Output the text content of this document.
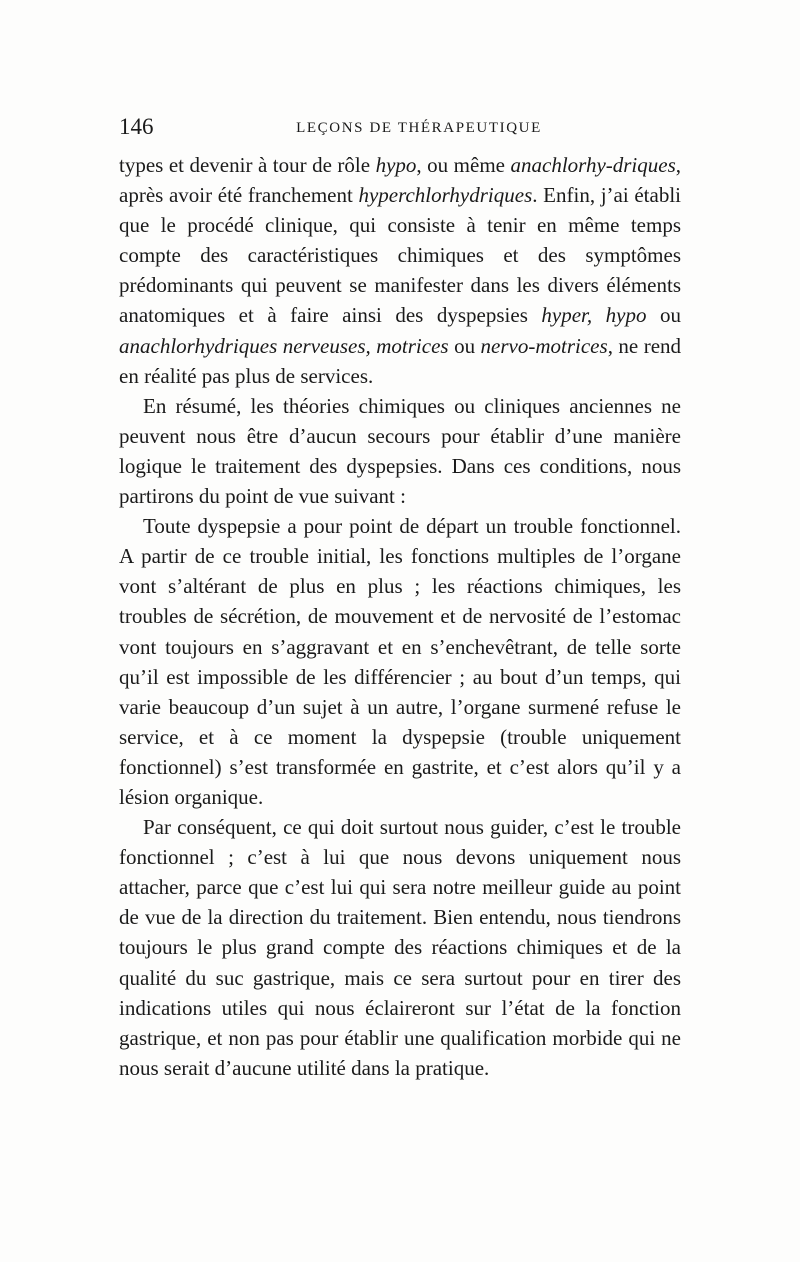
146	LEÇONS DE THÉRAPEUTIQUE

types et devenir à tour de rôle hypo, ou même anachlorhy-driques, après avoir été franchement hyperchlorhydriques. Enfin, j’ai établi que le procédé clinique, qui consiste à tenir en même temps compte des caractéristiques chimiques et des symptômes prédominants qui peuvent se manifester dans les divers éléments anatomiques et à faire ainsi des dyspepsies hyper, hypo ou anachlorhydriques nerveuses, motrices ou nervo-motrices, ne rend en réalité pas plus de services.

En résumé, les théories chimiques ou cliniques anciennes ne peuvent nous être d’aucun secours pour établir d’une manière logique le traitement des dyspepsies. Dans ces conditions, nous partirons du point de vue suivant :

Toute dyspepsie a pour point de départ un trouble fonctionnel. A partir de ce trouble initial, les fonctions multiples de l’organe vont s’altérant de plus en plus ; les réactions chimiques, les troubles de sécrétion, de mouvement et de nervosité de l’estomac vont toujours en s’aggravant et en s’enchevêtrant, de telle sorte qu’il est impossible de les différencier ; au bout d’un temps, qui varie beaucoup d’un sujet à un autre, l’organe surmené refuse le service, et à ce moment la dyspepsie (trouble uniquement fonctionnel) s’est transformée en gastrite, et c’est alors qu’il y a lésion organique.

Par conséquent, ce qui doit surtout nous guider, c’est le trouble fonctionnel ; c’est à lui que nous devons uniquement nous attacher, parce que c’est lui qui sera notre meilleur guide au point de vue de la direction du traitement. Bien entendu, nous tiendrons toujours le plus grand compte des réactions chimiques et de la qualité du suc gastrique, mais ce sera surtout pour en tirer des indications utiles qui nous éclaireront sur l’état de la fonction gastrique, et non pas pour établir une qualification morbide qui ne nous serait d’aucune utilité dans la pratique.
